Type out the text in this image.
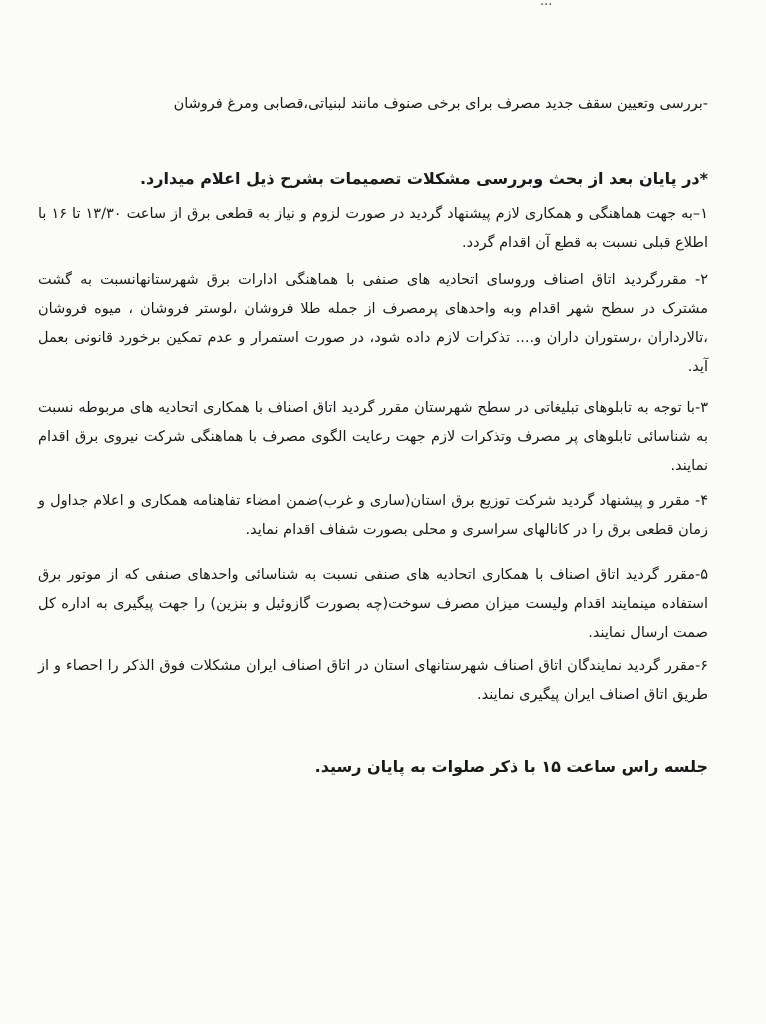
...
-بررسی وتعیین سقف جدید مصرف برای برخی صنوف مانند لبنیاتی،قصابی ومرغ فروشان
*در پایان بعد از بحث وبررسی مشکلات تصمیمات بشرح ذیل اعلام میدارد.
۱–به جهت هماهنگی و همکاری لازم پیشنهاد گردید در صورت لزوم و نیاز به قطعی برق از ساعت ۱۳/۳۰ تا ۱۶ با اطلاع قبلی نسبت به قطع آن اقدام گردد.
۲- مقررگردید اتاق اصناف وروسای اتحادیه های صنفی با هماهنگی ادارات برق شهرستانهانسبت به گشت مشترک در سطح شهر اقدام وبه واحدهای پرمصرف از جمله طلا فروشان ،لوستر فروشان ، میوه فروشان ،تالارداران ،رستوران داران و.... تذکرات لازم داده شود، در صورت استمرار و عدم تمکین برخورد قانونی بعمل آید.
۳-با توجه به تابلوهای تبلیغاتی در سطح شهرستان مقرر گردید اتاق اصناف با همکاری اتحادیه های مربوطه نسبت به شناسائی تابلوهای پر مصرف وتذکرات لازم جهت رعایت الگوی مصرف با هماهنگی شرکت نیروی برق اقدام نمایند.
۴- مقرر و پیشنهاد گردید شرکت توزیع برق استان(ساری و غرب)ضمن امضاء تفاهنامه همکاری و اعلام جداول و زمان قطعی برق را در کانالهای سراسری و محلی بصورت شفاف اقدام نماید.
۵-مقرر گردید اتاق اصناف با همکاری اتحادیه های صنفی نسبت به شناسائی واحدهای صنفی که از موتور برق استفاده مینمایند اقدام ولیست میزان مصرف سوخت(چه بصورت گازوئیل و بنزین) را جهت پیگیری به اداره کل صمت ارسال نمایند.
۶-مقرر گردید نمایندگان اتاق اصناف شهرستانهای استان در اتاق اصناف ایران مشکلات فوق الذکر را احصاء و از طریق اتاق اصناف ایران پیگیری نمایند.
جلسه راس ساعت ۱۵ با ذکر صلوات به پایان رسید.
